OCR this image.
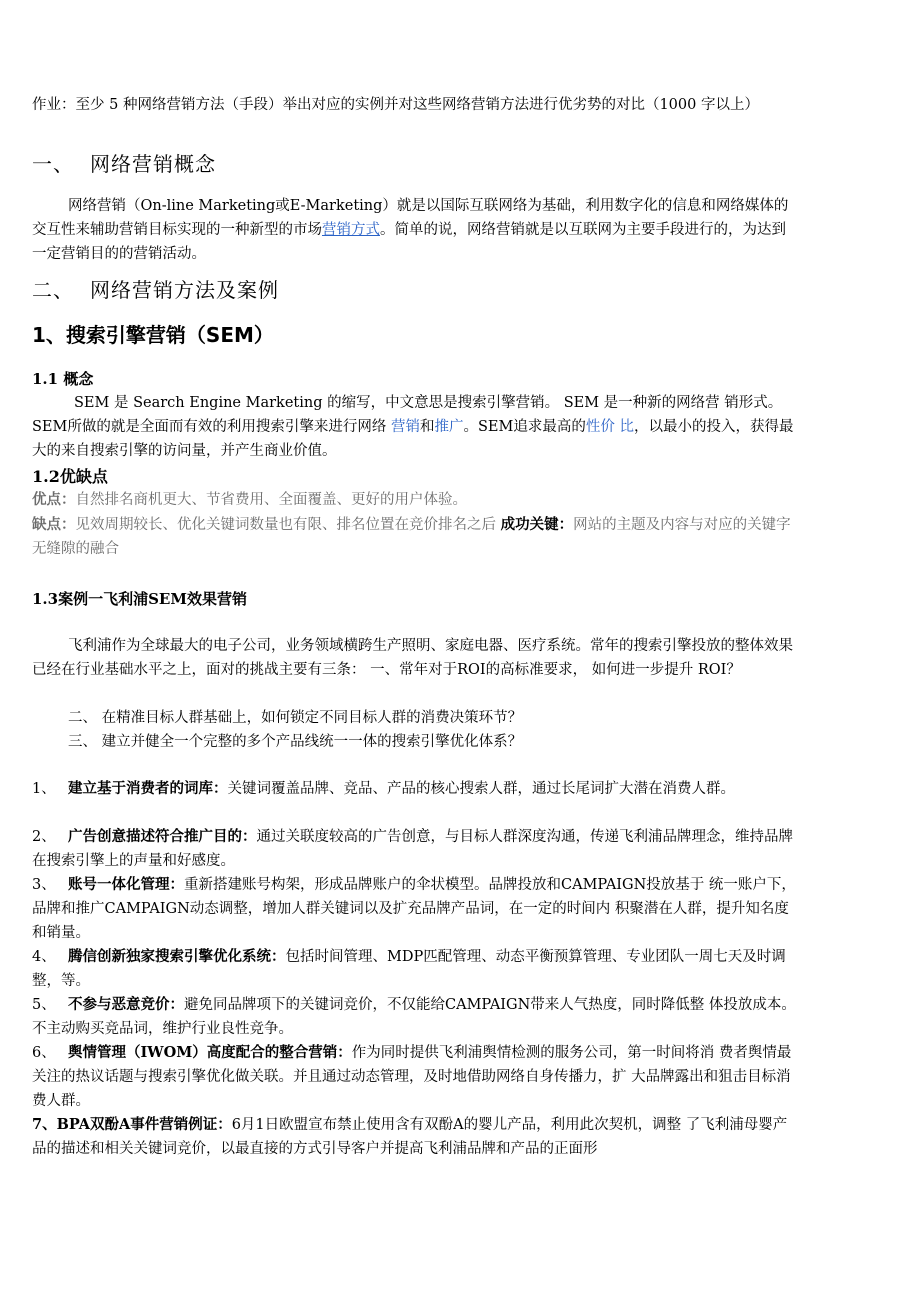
作业：至少 5 种网络营销方法（手段）举出对应的实例并对这些网络营销方法进行优劣势的对比（1000 字以上）
一、 网络营销概念
网络营销（On-line Marketing或E-Marketing）就是以国际互联网络为基础，利用数字化的信息和网络媒体的交互性来辅助营销目标实现的一种新型的市场营销方式。简单的说，网络营销就是以互联网为主要手段进行的，为达到一定营销目的的营销活动。
二、 网络营销方法及案例
1、搜索引擎营销（SEM）
1.1 概念
SEM 是 Search Engine Marketing 的缩写，中文意思是搜索引擎营销。 SEM 是一种新的网络营 销形式。SEM所做的就是全面而有效的利用搜索引擎来进行网络 营销和推广。SEM追求最高的性价 比，以最小的投入，获得最大的来自搜索引擎的访问量，并产生商业价值。
1.2优缺点
优点：自然排名商机更大、节省费用、全面覆盖、更好的用户体验。
缺点：见效周期较长、优化关键词数量也有限、排名位置在竞价排名之后 成功关键：网站的主题及内容与对应的关键字无缝隙的融合
1.3案例一飞利浦SEM效果营销
飞利浦作为全球最大的电子公司，业务领域横跨生产照明、家庭电器、医疗系统。常年的搜索引擎投放的整体效果已经在行业基础水平之上，面对的挑战主要有三条： 一、常年对于ROI的高标准要求， 如何进一步提升 ROI？
二、 在精准目标人群基础上，如何锁定不同目标人群的消费决策环节？
三、 建立并健全一个完整的多个产品线统一一体的搜索引擎优化体系？
1、 建立基于消费者的词库：关键词覆盖品牌、竞品、产品的核心搜索人群，通过长尾词扩大潜在消费人群。
2、 广告创意描述符合推广目的：通过关联度较高的广告创意，与目标人群深度沟通，传递飞利浦品牌理念，维持品牌在搜索引擎上的声量和好感度。
3、 账号一体化管理：重新搭建账号构架，形成品牌账户的伞状模型。品牌投放和CAMPAIGN投放基于 统一账户下，品牌和推广CAMPAIGN动态调整，增加人群关键词以及扩充品牌产品词，在一定的时间内 积聚潜在人群，提升知名度和销量。
4、 腾信创新独家搜索引擎优化系统：包括时间管理、MDP匹配管理、动态平衡预算管理、专业团队一周七天及时调整，等。
5、 不参与恶意竞价：避免同品牌项下的关键词竞价，不仅能给CAMPAIGN带来人气热度，同时降低整 体投放成本。不主动购买竞品词，维护行业良性竞争。
6、 舆情管理（IWOM）高度配合的整合营销：作为同时提供飞利浦舆情检测的服务公司，第一时间将消 费者舆情最关注的热议话题与搜索引擎优化做关联。并且通过动态管理，及时地借助网络自身传播力，扩 大品牌露出和狙击目标消费人群。
7、BPA双酚A事件营销例证：6月1日欧盟宣布禁止使用含有双酚A的婴儿产品，利用此次契机，调整 了飞利浦母婴产品的描述和相关关键词竞价，以最直接的方式引导客户并提高飞利浦品牌和产品的正面形
